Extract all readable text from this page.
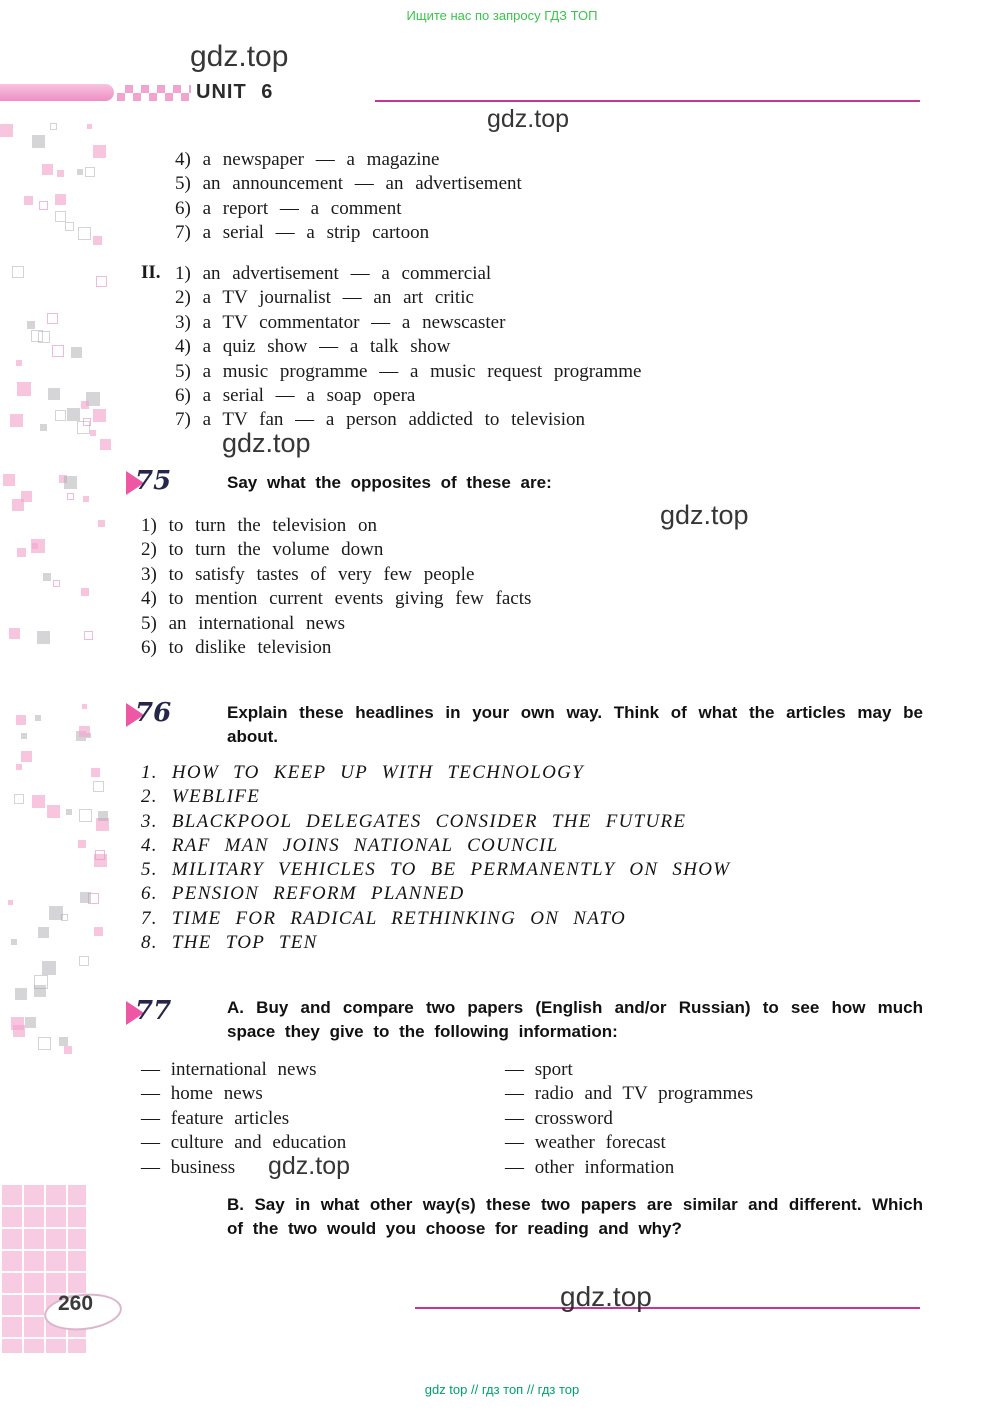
Ищите нас по запросу ГДЗ ТОП
UNIT 6
gdz.top
gdz.top
gdz.top
gdz.top
gdz.top
gdz.top
4) a newspaper — a magazine
5) an announcement — an advertisement
6) a report — a comment
7) a serial — a strip cartoon
II. 1) an advertisement — a commercial
2) a TV journalist — an art critic
3) a TV commentator — a newscaster
4) a quiz show — a talk show
5) a music programme — a music request programme
6) a serial — a soap opera
7) a TV fan — a person addicted to television
75	Say what the opposites of these are:
1) to turn the television on
2) to turn the volume down
3) to satisfy tastes of very few people
4) to mention current events giving few facts
5) an international news
6) to dislike television
76	Explain these headlines in your own way. Think of what the articles may be about.
1. HOW TO KEEP UP WITH TECHNOLOGY
2. WEBLIFE
3. BLACKPOOL DELEGATES CONSIDER THE FUTURE
4. RAF MAN JOINS NATIONAL COUNCIL
5. MILITARY VEHICLES TO BE PERMANENTLY ON SHOW
6. PENSION REFORM PLANNED
7. TIME FOR RADICAL RETHINKING ON NATO
8. THE TOP TEN
77	A. Buy and compare two papers (English and/or Russian) to see how much space they give to the following information:
— international news
— home news
— feature articles
— culture and education
— business
— sport
— radio and TV programmes
— crossword
— weather forecast
— other information
B. Say in what other way(s) these two papers are similar and different. Which of the two would you choose for reading and why?
260
gdz top // гдз топ // гдз тор
